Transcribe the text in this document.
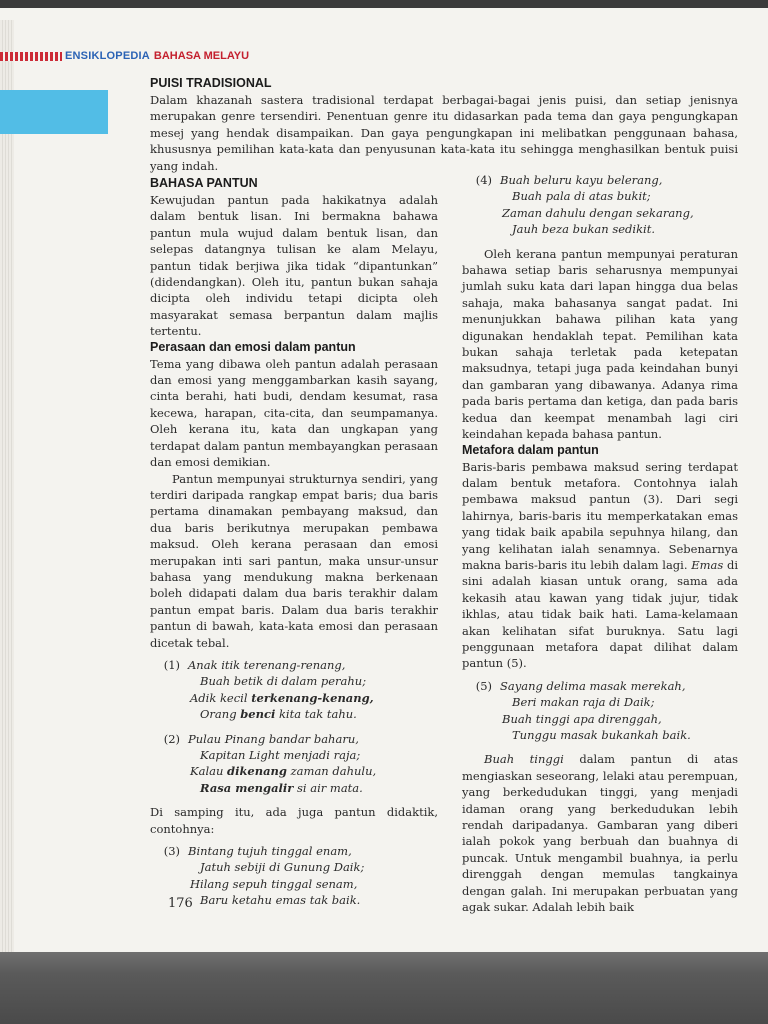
ENSIKLOPEDIA BAHASA MELAYU
PUISI TRADISIONAL

Dalam khazanah sastera tradisional terdapat berbagai-bagai jenis puisi, dan setiap jenisnya merupakan genre tersendiri. Penentuan genre itu didasarkan pada tema dan gaya pengungkapan mesej yang hendak disampaikan. Dan gaya pengungkapan ini melibatkan penggunaan bahasa, khususnya pemilihan kata-kata dan penyusunan kata-kata itu sehingga menghasilkan bentuk puisi yang indah.

BAHASA PANTUN

Kewujudan pantun pada hakikatnya adalah dalam bentuk lisan. Ini bermakna bahawa pantun mula wujud dalam bentuk lisan, dan selepas datangnya tulisan ke alam Melayu, pantun tidak berjiwa jika tidak “dipantunkan” (didendangkan). Oleh itu, pantun bukan sahaja dicipta oleh individu tetapi dicipta oleh masyarakat semasa berpantun dalam majlis tertentu.

Perasaan dan emosi dalam pantun

Tema yang dibawa oleh pantun adalah perasaan dan emosi yang menggambarkan kasih sayang, cinta berahi, hati budi, dendam kesumat, rasa kecewa, harapan, cita-cita, dan seumpamanya. Oleh kerana itu, kata dan ungkapan yang terdapat dalam pantun membayangkan perasaan dan emosi demikian.

Pantun mempunyai strukturnya sendiri, yang terdiri daripada rangkap empat baris; dua baris pertama dinamakan pembayang maksud, dan dua baris berikutnya merupakan pembawa maksud. Oleh kerana perasaan dan emosi merupakan inti sari pantun, maka unsur-unsur bahasa yang mendukung makna berkenaan boleh didapati dalam dua baris terakhir dalam pantun empat baris. Dalam dua baris terakhir pantun di bawah, kata-kata emosi dan perasaan dicetak tebal.

(1) Anak itik terenang-renang,
Buah betik di dalam perahu;
Adik kecil terkenang-kenang,
Orang benci kita tak tahu.
(2) Pulau Pinang bandar baharu,
Kapitan Light menjadi raja;
Kalau dikenang zaman dahulu,
Rasa mengalir si air mata.

Di samping itu, ada juga pantun didaktik, contohnya:

(3) Bintang tujuh tinggal enam,
Jatuh sebiji di Gunung Daik;
Hilang sepuh tinggal senam,
Baru ketahu emas tak baik.
(4) Buah beluru kayu belerang,
Buah pala di atas bukit;
Zaman dahulu dengan sekarang,
Jauh beza bukan sedikit.

Oleh kerana pantun mempunyai peraturan bahawa setiap baris seharusnya mempunyai jumlah suku kata dari lapan hingga dua belas sahaja, maka bahasanya sangat padat. Ini menunjukkan bahawa pilihan kata yang digunakan hendaklah tepat. Pemilihan kata bukan sahaja terletak pada ketepatan maksudnya, tetapi juga pada keindahan bunyi dan gambaran yang dibawanya. Adanya rima pada baris pertama dan ketiga, dan pada baris kedua dan keempat menambah lagi ciri keindahan kepada bahasa pantun.

Metafora dalam pantun

Baris-baris pembawa maksud sering terdapat dalam bentuk metafora. Contohnya ialah pembawa maksud pantun (3). Dari segi lahirnya, baris-baris itu memperkatakan emas yang tidak baik apabila sepuhnya hilang, dan yang kelihatan ialah senamnya. Sebenarnya makna baris-baris itu lebih dalam lagi. Emas di sini adalah kiasan untuk orang, sama ada kekasih atau kawan yang tidak jujur, tidak ikhlas, atau tidak baik hati. Lama-kelamaan akan kelihatan sifat buruknya. Satu lagi penggunaan metafora dapat dilihat dalam pantun (5).

(5) Sayang delima masak merekah,
Beri makan raja di Daik;
Buah tinggi apa direnggah,
Tunggu masak bukankah baik.

Buah tinggi dalam pantun di atas mengiaskan seseorang, lelaki atau perempuan, yang berkedudukan tinggi, yang menjadi idaman orang yang berkedudukan lebih rendah daripadanya. Gambaran yang diberi ialah pokok yang berbuah dan buahnya di puncak. Untuk mengambil buahnya, ia perlu direnggah dengan memulas tangkainya dengan galah. Ini merupakan perbuatan yang agak sukar. Adalah lebih baik

176
